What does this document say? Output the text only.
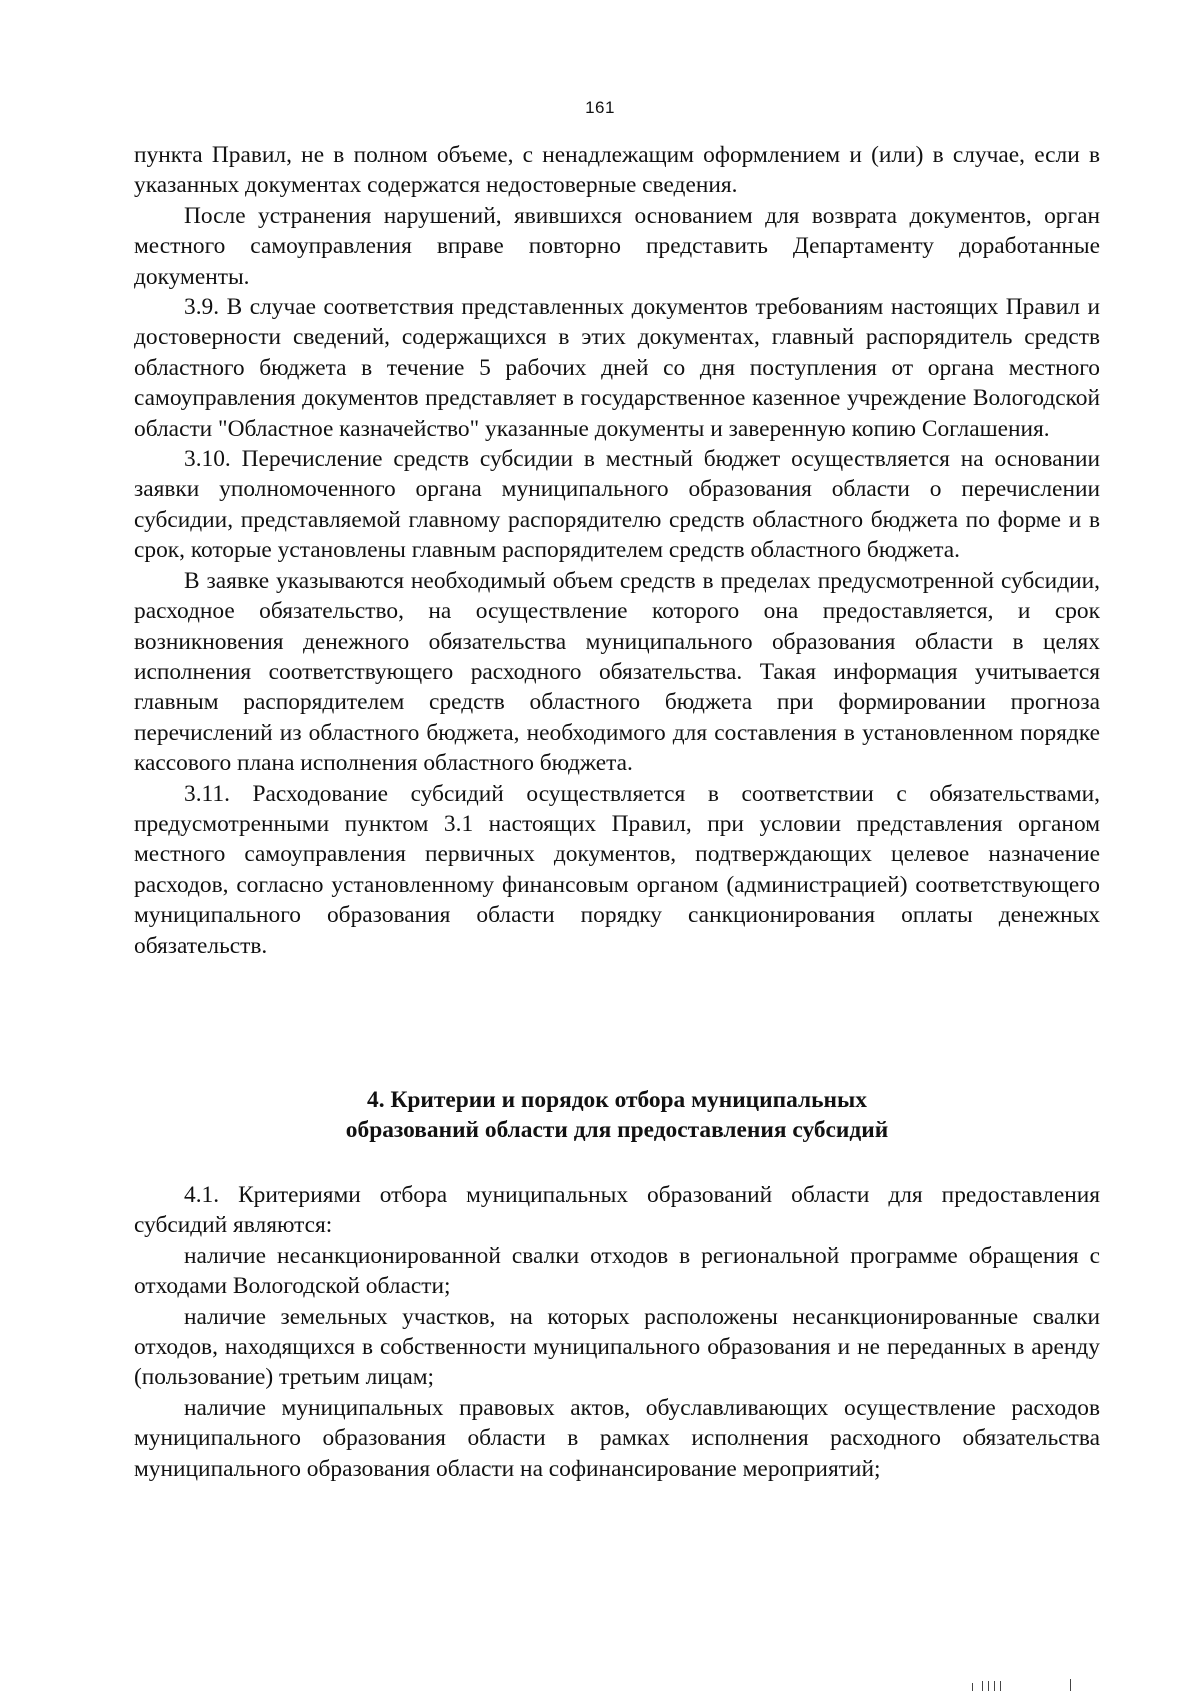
161

пункта Правил, не в полном объеме, с ненадлежащим оформлением и (или) в случае, если в указанных документах содержатся недостоверные сведения.

После устранения нарушений, явившихся основанием для возврата документов, орган местного самоуправления вправе повторно представить Департаменту доработанные документы.

3.9. В случае соответствия представленных документов требованиям настоящих Правил и достоверности сведений, содержащихся в этих документах, главный распорядитель средств областного бюджета в течение 5 рабочих дней со дня поступления от органа местного самоуправления документов представляет в государственное казенное учреждение Вологодской области "Областное казначейство" указанные документы и заверенную копию Соглашения.

3.10. Перечисление средств субсидии в местный бюджет осуществляется на основании заявки уполномоченного органа муниципального образования области о перечислении субсидии, представляемой главному распорядителю средств областного бюджета по форме и в срок, которые установлены главным распорядителем средств областного бюджета.

В заявке указываются необходимый объем средств в пределах предусмотренной субсидии, расходное обязательство, на осуществление которого она предоставляется, и срок возникновения денежного обязательства муниципального образования области в целях исполнения соответствующего расходного обязательства. Такая информация учитывается главным распорядителем средств областного бюджета при формировании прогноза перечислений из областного бюджета, необходимого для составления в установленном порядке кассового плана исполнения областного бюджета.

3.11. Расходование субсидий осуществляется в соответствии с обязательствами, предусмотренными пунктом 3.1 настоящих Правил, при условии представления органом местного самоуправления первичных документов, подтверждающих целевое назначение расходов, согласно установленному финансовым органом (администрацией) соответствующего муниципального образования области порядку санкционирования оплаты денежных обязательств.

4. Критерии и порядок отбора муниципальных
образований области для предоставления субсидий

4.1. Критериями отбора муниципальных образований области для предоставления субсидий являются:

наличие несанкционированной свалки отходов в региональной программе обращения с отходами Вологодской области;

наличие земельных участков, на которых расположены несанкционированные свалки отходов, находящихся в собственности муниципального образования и не переданных в аренду (пользование) третьим лицам;

наличие муниципальных правовых актов, обуславливающих осуществление расходов муниципального образования области в рамках исполнения расходного обязательства муниципального образования области на софинансирование мероприятий;
